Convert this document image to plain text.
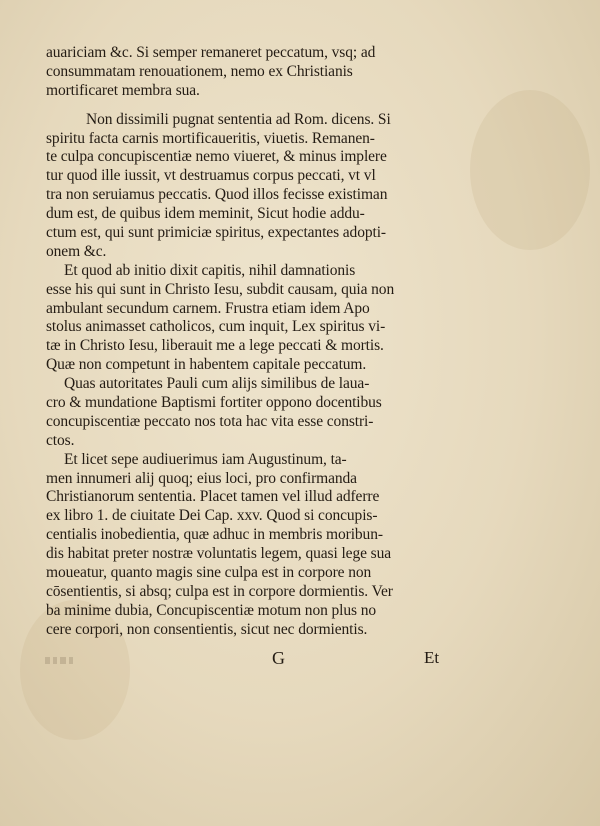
auariciam &c. Si semper remaneret peccatum, vsq; ad
consummatam renouationem, nemo ex Christianis
mortificaret membra sua.
Non dissimili pugnat sententia ad Rom. dicens. Si
spiritu facta carnis mortificaueritis, viuetis. Remanen-
te culpa concupiscentiæ nemo viueret, & minus implere
tur quod ille iussit, vt destruamus corpus peccati, vt vl
tra non seruiamus peccatis. Quod illos fecisse existiman
dum est, de quibus idem meminit, Sicut hodie addu-
ctum est, qui sunt primiciæ spiritus, expectantes adopti-
onem &c.
Et quod ab initio dixit capitis, nihil damnationis
esse his qui sunt in Christo Iesu, subdit causam, quia non
ambulant secundum carnem. Frustra etiam idem Apo
stolus animasset catholicos, cum inquit, Lex spiritus vi-
tæ in Christo Iesu, liberauit me a lege peccati & mortis.
Quæ non competunt in habentem capitale peccatum.
Quas autoritates Pauli cum alijs similibus de laua-
cro & mundatione Baptismi fortiter oppono docentibus
concupiscentiæ peccato nos tota hac vita esse constri-
ctos.
Et licet sepe audiuerimus iam Augustinum, ta-
men innumeri alij quoq; eius loci, pro confirmanda
Christianorum sententia. Placet tamen vel illud adferre
ex libro 1. de ciuitate Dei Cap. xxv. Quod si concupis-
centialis inobedientia, quæ adhuc in membris moribun-
dis habitat preter nostræ voluntatis legem, quasi lege sua
moueatur, quanto magis sine culpa est in corpore non
cōsentientis, si absq; culpa est in corpore dormientis. Ver
ba minime dubia, Concupiscentiæ motum non plus no
cere corpori, non consentientis, sicut nec dormientis.
G	Et
